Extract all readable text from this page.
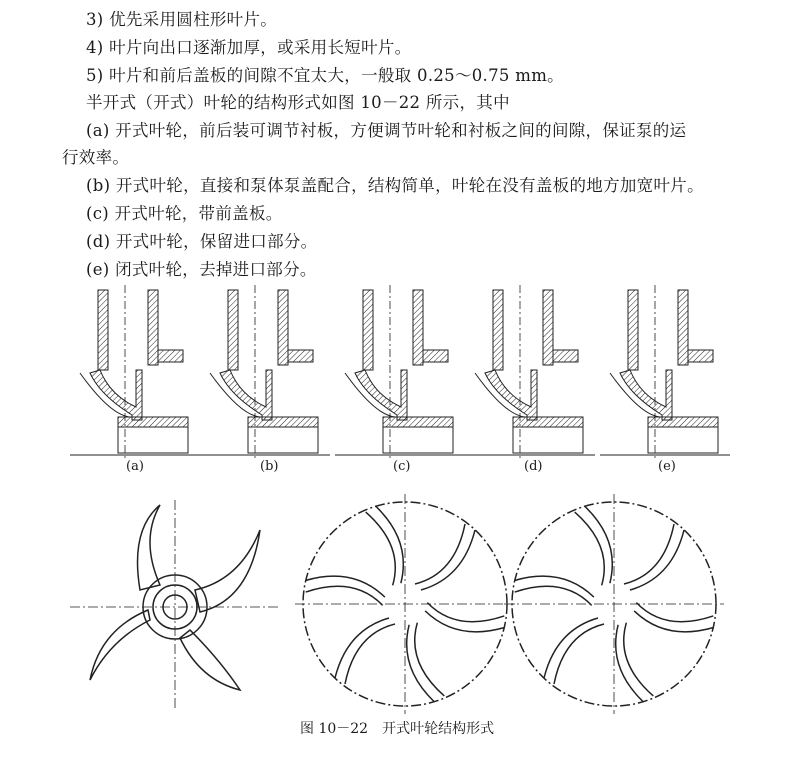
3) 优先采用圆柱形叶片。
4) 叶片向出口逐渐加厚，或采用长短叶片。
5) 叶片和前后盖板的间隙不宜太大，一般取 0.25～0.75 mm。
半开式（开式）叶轮的结构形式如图 10－22 所示，其中
(a) 开式叶轮，前后装可调节衬板，方便调节叶轮和衬板之间的间隙，保证泵的运
行效率。
(b) 开式叶轮，直接和泵体泵盖配合，结构简单，叶轮在没有盖板的地方加宽叶片。
(c) 开式叶轮，带前盖板。
(d) 开式叶轮，保留进口部分。
(e) 闭式叶轮，去掉进口部分。
(a)	(b)	(c)	(d)	(e)
图 10－22　开式叶轮结构形式
